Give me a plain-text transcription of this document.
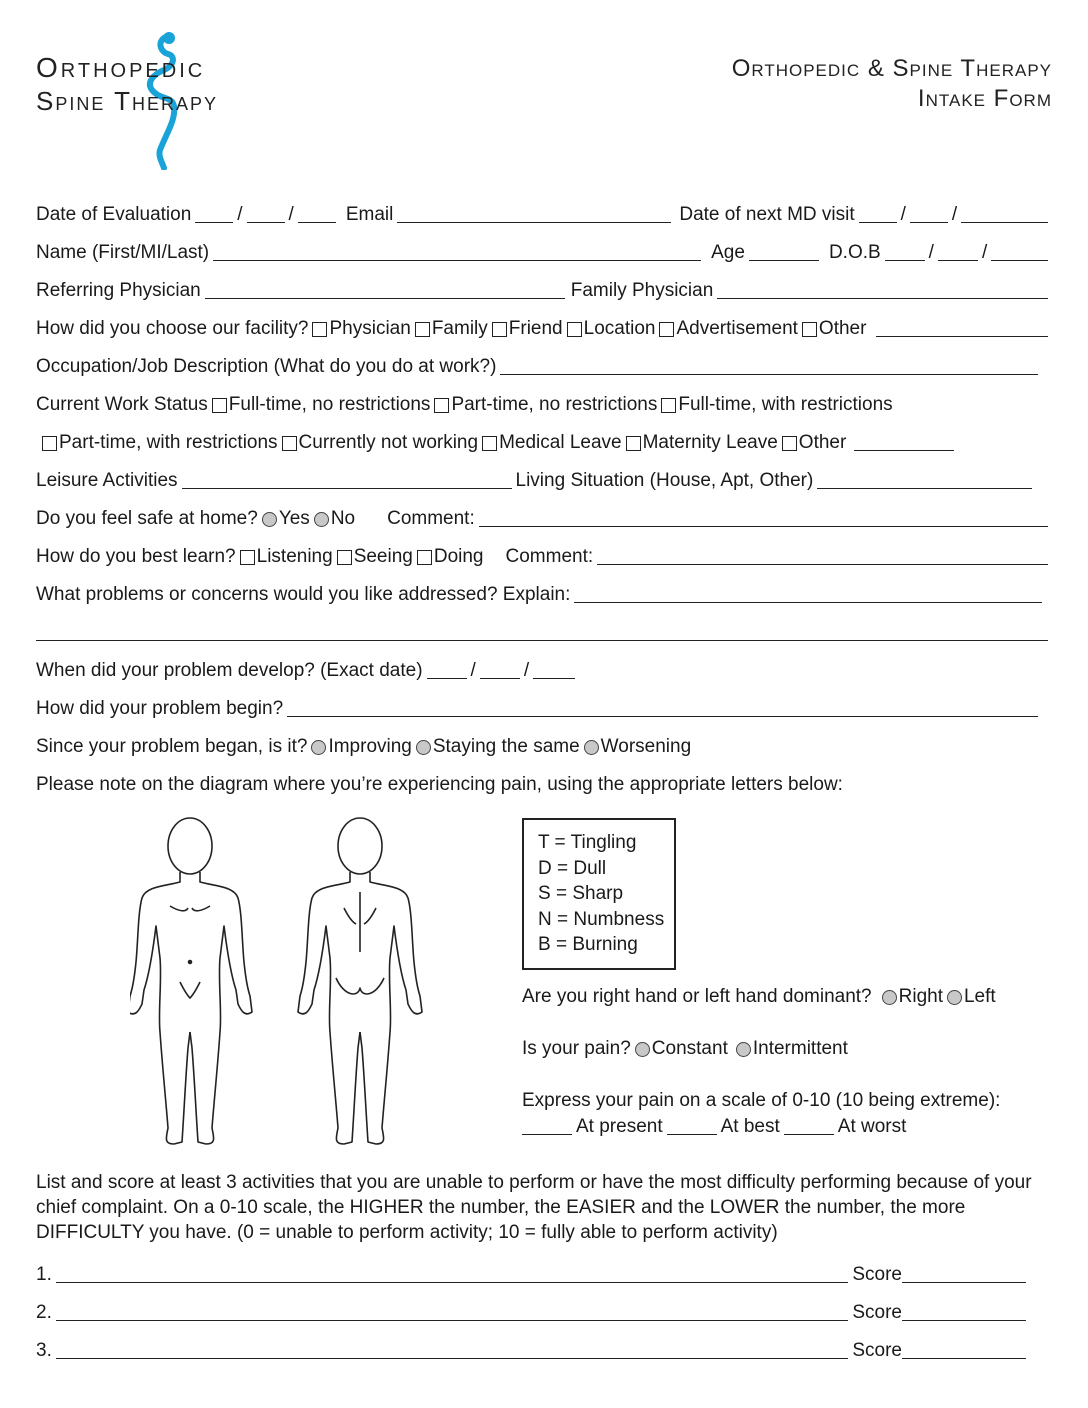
Orthopedic
Spine Therapy
Orthopedic & Spine Therapy
Intake Form
Date of Evaluation / /	Email	Date of next MD visit / /
Name (First/MI/Last)	Age	D.O.B	/	/
Referring Physician	Family Physician
How did you choose our facility? Physician Family Friend Location Advertisement Other
Occupation/Job Description (What do you do at work?)
Current Work Status Full-time, no restrictions Part-time, no restrictions Full-time, with restrictions
Part-time, with restrictions Currently not working Medical Leave Maternity Leave Other
Leisure Activities	Living Situation (House, Apt, Other)
Do you feel safe at home? Yes No Comment:
How do you best learn? Listening Seeing Doing Comment:
What problems or concerns would you like addressed? Explain:
When did your problem develop? (Exact date)	/	/
How did your problem begin?
Since your problem began, is it? Improving Staying the same Worsening
Please note on the diagram where you’re experiencing pain, using the appropriate letters below:
T = Tingling
D = Dull
S = Sharp
N = Numbness
B = Burning
Are you right hand or left hand dominant? Right Left
Is your pain? Constant Intermittent
Express your pain on a scale of 0-10 (10 being extreme):
At present	At best	At worst
List and score at least 3 activities that you are unable to perform or have the most difficulty performing because of your chief complaint. On a 0-10 scale, the HIGHER the number, the EASIER and the LOWER the number, the more DIFFICULTY you have. (0 = unable to perform activity; 10 = fully able to perform activity)
1.	Score
2.	Score
3.	Score
